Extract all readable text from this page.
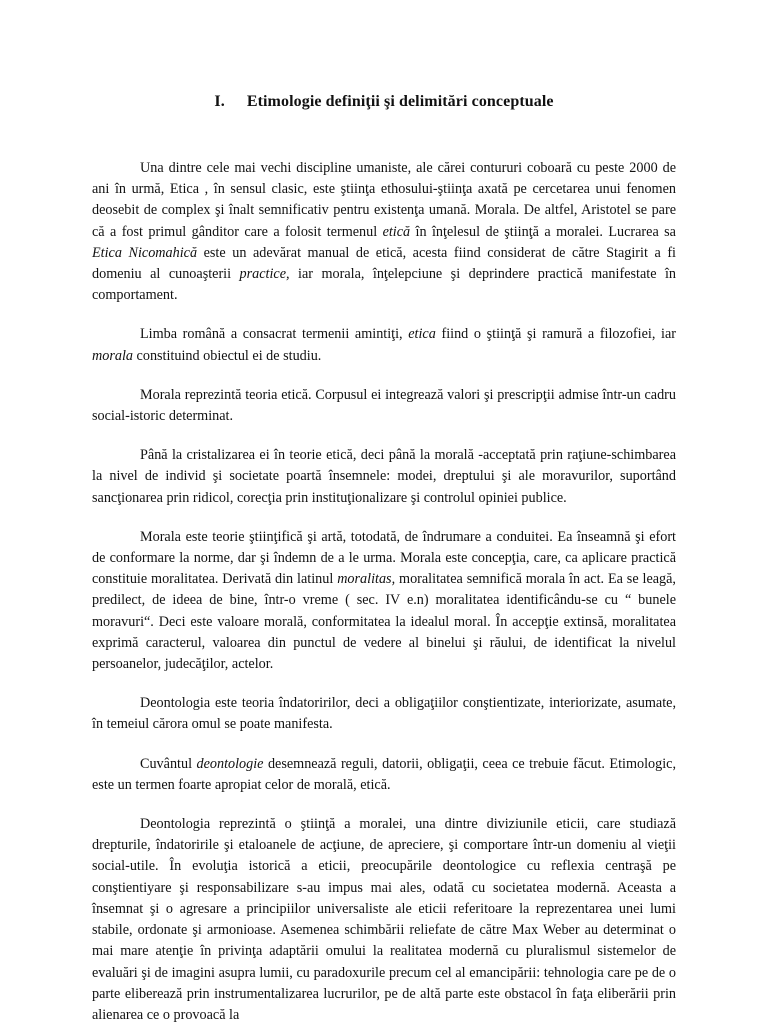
I. Etimologie definiţii şi delimitări conceptuale

Una dintre cele mai vechi discipline umaniste, ale cărei contururi coboară cu peste 2000 de ani în urmă, Etica , în sensul clasic, este ştiinţa ethosului-ştiinţa axată pe cercetarea unui fenomen deosebit de complex şi înalt semnificativ pentru existenţa umană. Morala. De altfel, Aristotel se pare că a fost primul gânditor care a folosit termenul etică în înţelesul de ştiinţă a moralei. Lucrarea sa Etica Nicomahică este un adevărat manual de etică, acesta fiind considerat de către Stagirit a fi domeniu al cunoaşterii practice, iar morala, înţelepciune şi deprindere practică manifestate în comportament.

Limba română a consacrat termenii amintiţi, etica fiind o ştiinţă şi ramură a filozofiei, iar morala constituind obiectul ei de studiu.

Morala reprezintă teoria etică. Corpusul ei integrează valori şi prescripţii admise într-un cadru social-istoric determinat.

Până la cristalizarea ei în teorie etică, deci până la morală -acceptată prin raţiune-schimbarea la nivel de individ şi societate poartă însemnele: modei, dreptului şi ale moravurilor, suportând sancţionarea prin ridicol, corecţia prin instituţionalizare şi controlul opiniei publice.

Morala este teorie ştiinţifică şi artă, totodată, de îndrumare a conduitei. Ea înseamnă şi efort de conformare la norme, dar şi îndemn de a le urma. Morala este concepţia, care, ca aplicare practică constituie moralitatea. Derivată din latinul moralitas, moralitatea semnifică morala în act. Ea se leagă, predilect, de ideea de bine, într-o vreme ( sec. IV e.n) moralitatea identificându-se cu “ bunele moravuri“. Deci este valoare morală, conformitatea la idealul moral. În accepţie extinsă, moralitatea exprimă caracterul, valoarea din punctul de vedere al binelui şi răului, de identificat la nivelul persoanelor, judecăţilor, actelor.

Deontologia este teoria îndatoririlor, deci a obligaţiilor conştientizate, interiorizate, asumate, în temeiul cărora omul se poate manifesta.

Cuvântul deontologie desemnează reguli, datorii, obligaţii, ceea ce trebuie făcut. Etimologic, este un termen foarte apropiat celor de morală, etică.

Deontologia reprezintă o ştiinţă a moralei, una dintre diviziunile eticii, care studiază drepturile, îndatoririle şi etaloanele de acţiune, de apreciere, şi comportare într-un domeniu al vieţii social-utile. În evoluţia istorică a eticii, preocupările deontologice cu reflexia centraşă pe conştientiyare şi responsabilizare s-au impus mai ales, odată cu societatea modernă. Aceasta a însemnat şi o agresare a principiilor universaliste ale eticii referitoare la reprezentarea unei lumi stabile, ordonate şi armonioase. Asemenea schimbării reliefate de către Max Weber au determinat o mai mare atenţie în privinţa adaptării omului la realitatea modernă cu pluralismul sistemelor de evaluări şi de imagini asupra lumii, cu paradoxurile precum cel al emancipării: tehnologia care pe de o parte eliberează prin instrumentalizarea lucrurilor, pe de altă parte este obstacol în faţa eliberării prin alienarea ce o provoacă la
